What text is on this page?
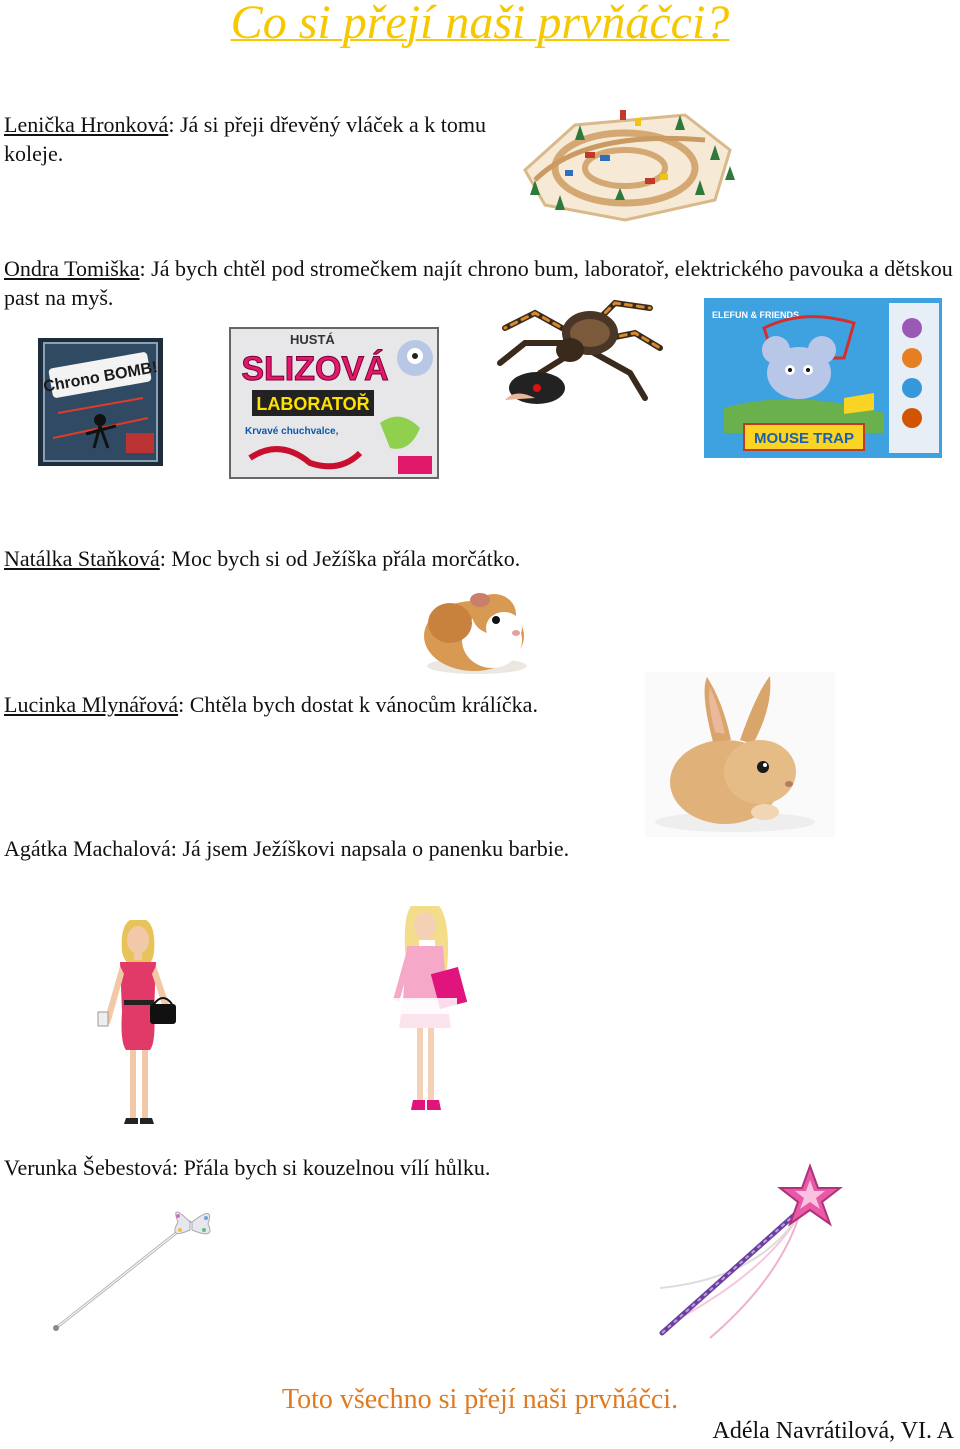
Co si přejí naši prvňáčci?
Lenička Hronková: Já si přeji dřevěný vláček a k tomu koleje.
Ondra Tomiška: Já bych chtěl pod stromečkem najít chrono bum, laboratoř, elektrického pavouka a dětskou past na myš.
Chrono BOMB!
HUSTÁ
SLIZOVÁ
LABORATOŘ
Krvavé chuchvalce,
ELEFUN & FRIENDS
MOUSE TRAP
Natálka Staňková: Moc bych si od Ježíška přála morčátko.
Lucinka Mlynářová: Chtěla bych dostat k vánocům králíčka.
Agátka Machalová: Já jsem Ježíškovi napsala o panenku barbie.

Verunka Šebestová: Přála bych si kouzelnou vílí hůlku.
Toto všechno si přejí naši prvňáčci.
Adéla Navrátilová, VI. A
